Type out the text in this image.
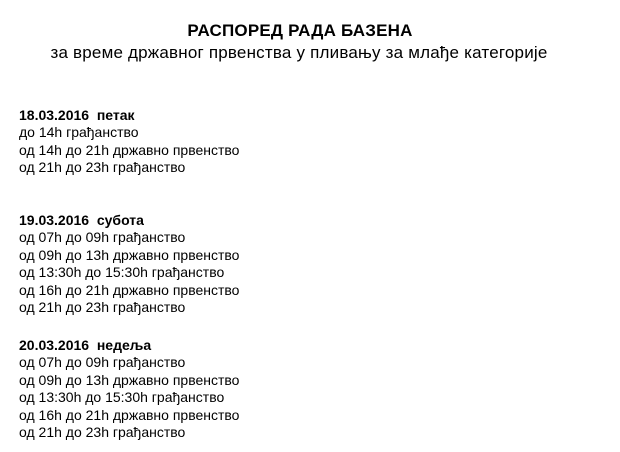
РАСПОРЕД РАДА БАЗЕНА

за време државног првенства у пливању за млађе категорије

18.03.2016  петак

до 14h грађанство

од 14h до 21h државно првенство

од 21h до 23h грађанство

19.03.2016  субота

од 07h до 09h грађанство

од 09h до 13h државно првенство

од 13:30h до 15:30h грађанство

од 16h до 21h државно првенство

од 21h до 23h грађанство

20.03.2016  недеља

од 07h до 09h грађанство

од 09h до 13h државно првенство

од 13:30h до 15:30h грађанство

од 16h до 21h државно првенство

од 21h до 23h грађанство
